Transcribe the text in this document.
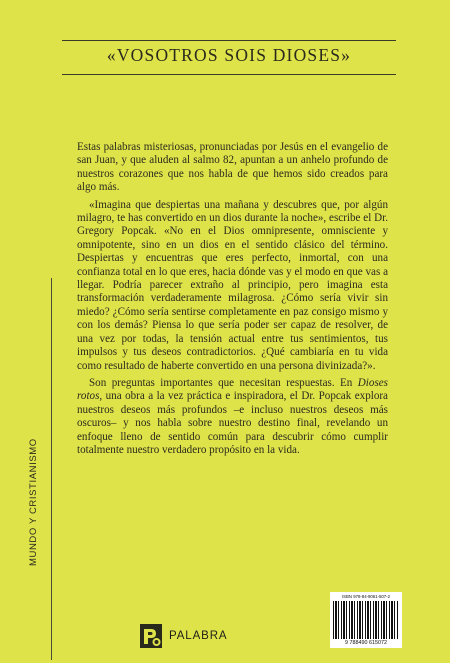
«VOSOTROS SOIS DIOSES»

Estas palabras misteriosas, pronunciadas por Jesús en el evangelio de san Juan, y que aluden al salmo 82, apuntan a un anhelo profundo de nuestros corazones que nos habla de que hemos sido creados para algo más.

«Imagina que despiertas una mañana y descubres que, por algún milagro, te has convertido en un dios durante la noche», escribe el Dr. Gregory Popcak. «No en el Dios omnipresente, omnisciente y omnipotente, sino en un dios en el sentido clásico del término. Despiertas y encuentras que eres perfecto, inmortal, con una confianza total en lo que eres, hacia dónde vas y el modo en que vas a llegar. Podría parecer extraño al principio, pero imagina esta transformación verdaderamente milagrosa. ¿Cómo sería vivir sin miedo? ¿Cómo sería sentirse completamente en paz consigo mismo y con los demás? Piensa lo que sería poder ser capaz de resolver, de una vez por todas, la tensión actual entre tus sentimientos, tus impulsos y tus deseos contradictorios. ¿Qué cambiaría en tu vida como resultado de haberte convertido en una persona divinizada?».

Son preguntas importantes que necesitan respuestas. En Dioses rotos, una obra a la vez práctica e inspiradora, el Dr. Popcak explora nuestros deseos más profundos –e incluso nuestros deseos más oscuros– y nos habla sobre nuestro destino final, revelando un enfoque lleno de sentido común para descubrir cómo cumplir totalmente nuestro verdadero propósito en la vida.

MUNDO Y CRISTIANISMO
PALABRA
ISBN 978-84-9061-507-2
9 788490 615072
